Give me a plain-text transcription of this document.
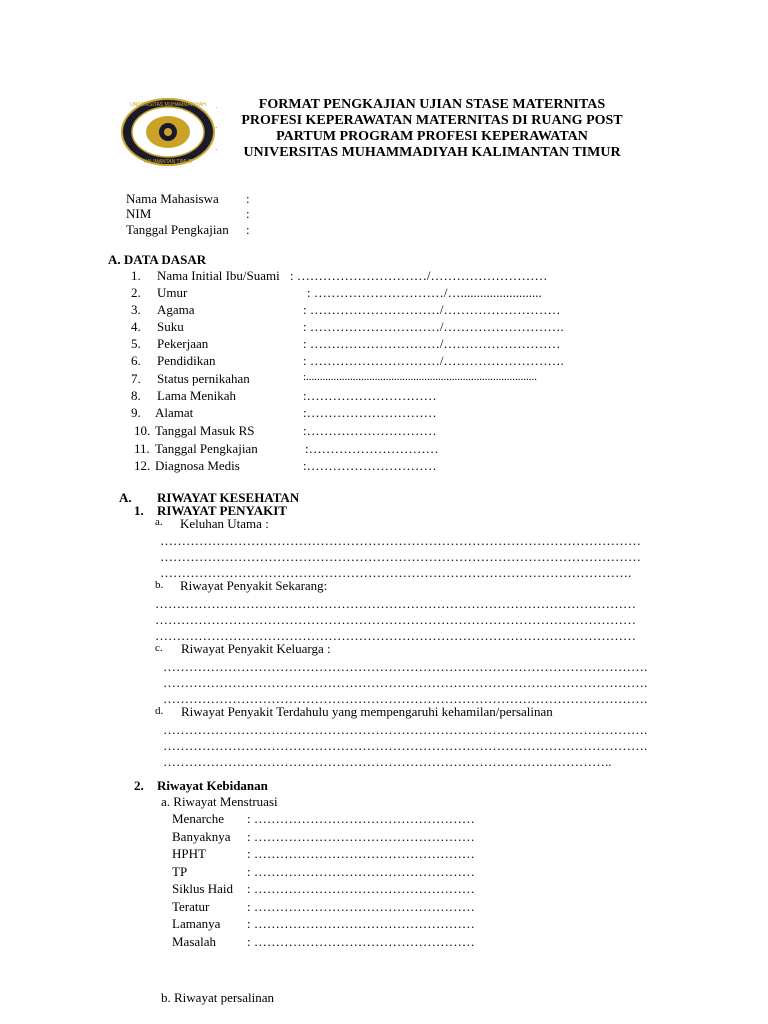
UNIVERSITAS MUHAMMADIYAH
KALIMANTAN TIMUR
·
·
·
FORMAT PENGKAJIAN UJIAN STASE MATERNITAS
PROFESI KEPERAWATAN MATERNITAS DI RUANG POST
PARTUM PROGRAM PROFESI KEPERAWATAN
UNIVERSITAS MUHAMMADIYAH KALIMANTAN TIMUR
Nama Mahasiswa :
NIM	:
Tanggal Pengkajian :
A. DATA DASAR
1. Nama Initial Ibu/Suami : …………………………/………………………
2. Umur	: …………………………/….........................
3. Agama	: …………………………/………………………
4. Suku	: …………………………/……………………….
5. Pekerjaan	: …………………………/………………………
6. Pendidikan	: …………………………/……………………….
7. Status pernikahan	:....................................................................................
8. Lama Menikah	:…………………………
9. Alamat	:…………………………
10. Tanggal Masuk RS	:…………………………
11. Tanggal Pengkajian	:…………………………
12. Diagnosa Medis	:…………………………
A. RIWAYAT KESEHATAN
1. RIWAYAT PENYAKIT
a. Keluhan Utama :
…………………………………………………………………………………………………
…………………………………………………………………………………………………
……………………………………………………………………………………………….
b. Riwayat Penyakit Sekarang:
…………………………………………………………………………………………………
…………………………………………………………………………………………………
…………………………………………………………………………………………………
c. Riwayat Penyakit Keluarga :
………………………………………………………………………………………………….
………………………………………………………………………………………………….
………………………………………………………………………………………………….
d. Riwayat Penyakit Terdahulu yang mempengaruhi kehamilan/persalinan
………………………………………………………………………………………………….
………………………………………………………………………………………………….
…………………………………………………………………………………………..
2. Riwayat Kebidanan
a. Riwayat Menstruasi
Menarche : ……………………………………………
Banyaknya : ……………………………………………
HPHT	: ……………………………………………
TP	: ……………………………………………
Siklus Haid : ……………………………………………
Teratur	: ……………………………………………
Lamanya : ……………………………………………
Masalah : ……………………………………………
b. Riwayat persalinan
